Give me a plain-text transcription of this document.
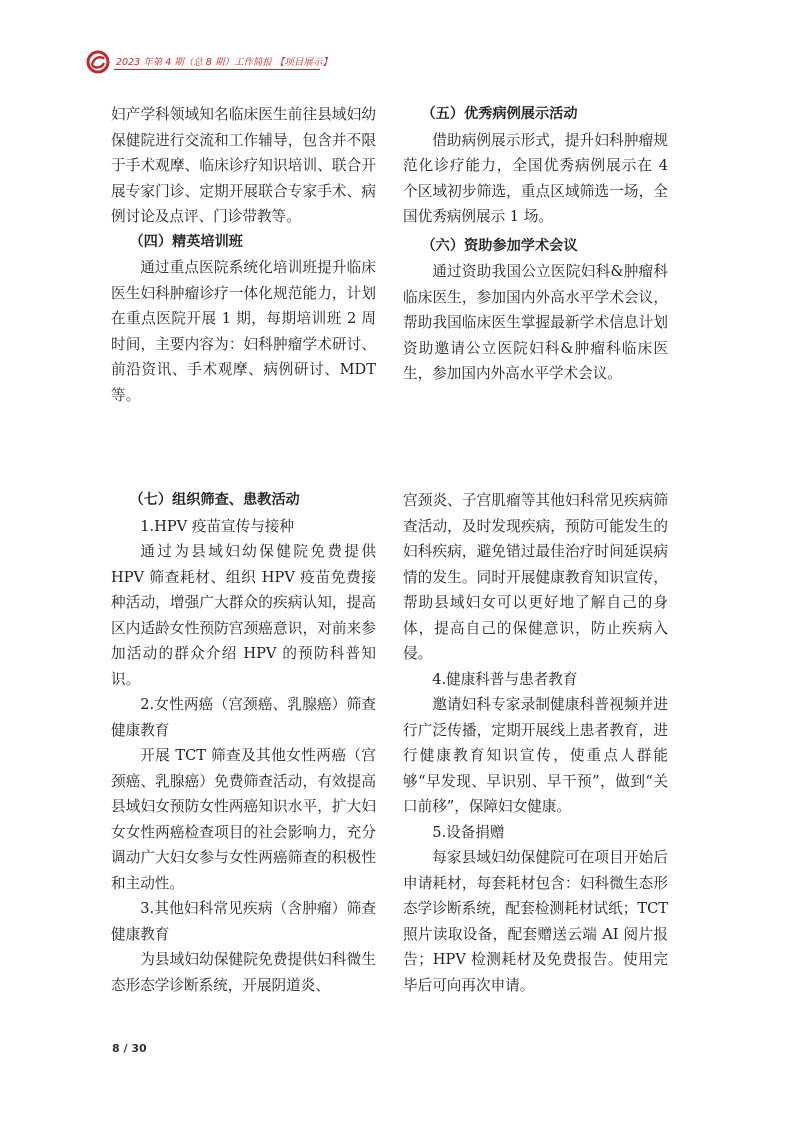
2023 年第 4 期（总 8 期）工作简报 【项目展示】

妇产学科领域知名临床医生前往县域妇幼保健院进行交流和工作辅导，包含并不限于手术观摩、临床诊疗知识培训、联合开展专家门诊、定期开展联合专家手术、病例讨论及点评、门诊带教等。

（四）精英培训班

通过重点医院系统化培训班提升临床医生妇科肿瘤诊疗一体化规范能力，计划在重点医院开展 1 期，每期培训班 2 周时间，主要内容为：妇科肿瘤学术研讨、前沿资讯、手术观摩、病例研讨、MDT 等。

（五）优秀病例展示活动

借助病例展示形式，提升妇科肿瘤规范化诊疗能力，全国优秀病例展示在 4 个区域初步筛选，重点区域筛选一场，全国优秀病例展示 1 场。

（六）资助参加学术会议

通过资助我国公立医院妇科&肿瘤科临床医生，参加国内外高水平学术会议，帮助我国临床医生掌握最新学术信息计划资助邀请公立医院妇科&肿瘤科临床医生，参加国内外高水平学术会议。

（七）组织筛查、患教活动

1.HPV 疫苗宣传与接种

通过为县域妇幼保健院免费提供HPV 筛查耗材、组织 HPV 疫苗免费接种活动，增强广大群众的疾病认知，提高区内适龄女性预防宫颈癌意识，对前来参加活动的群众介绍 HPV 的预防科普知识。

2.女性两癌（宫颈癌、乳腺癌）筛查健康教育

开展 TCT 筛查及其他女性两癌（宫颈癌、乳腺癌）免费筛查活动，有效提高县域妇女预防女性两癌知识水平，扩大妇女女性两癌检查项目的社会影响力，充分调动广大妇女参与女性两癌筛查的积极性和主动性。

3.其他妇科常见疾病（含肿瘤）筛查健康教育

为县域妇幼保健院免费提供妇科微生态形态学诊断系统，开展阴道炎、

宫颈炎、子宫肌瘤等其他妇科常见疾病筛查活动，及时发现疾病，预防可能发生的妇科疾病，避免错过最佳治疗时间延误病情的发生。同时开展健康教育知识宣传，帮助县域妇女可以更好地了解自己的身体，提高自己的保健意识，防止疾病入侵。

4.健康科普与患者教育

邀请妇科专家录制健康科普视频并进行广泛传播，定期开展线上患者教育，进行健康教育知识宣传，使重点人群能够“早发现、早识别、早干预”，做到“关口前移”，保障妇女健康。

5.设备捐赠

每家县域妇幼保健院可在项目开始后申请耗材，每套耗材包含：妇科微生态形态学诊断系统，配套检测耗材试纸；TCT 照片读取设备，配套赠送云端 AI 阅片报告；HPV 检测耗材及免费报告。使用完毕后可向再次申请。

8 / 30
